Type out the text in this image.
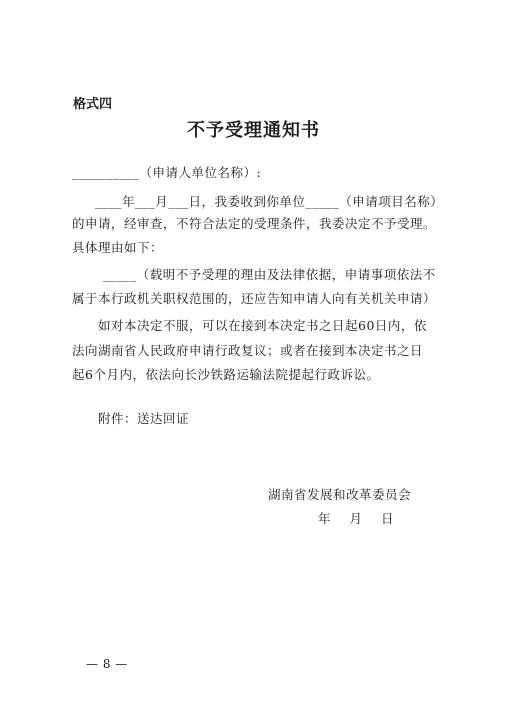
格式四
不予受理通知书
__________（申请人单位名称）:
____年___月___日，我委收到你单位_____（申请项目名称）
的申请，经审查，不符合法定的受理条件，我委决定不予受理。
具体理由如下：
_____（载明不予受理的理由及法律依据，申请事项依法不
属于本行政机关职权范围的，还应告知申请人向有关机关申请）
如对本决定不服，可以在接到本决定书之日起60日内，依
法向湖南省人民政府申请行政复议；或者在接到本决定书之日
起6个月内，依法向长沙铁路运输法院提起行政诉讼。
附件：送达回证
湖南省发展和改革委员会
年 月 日
— 8 —
